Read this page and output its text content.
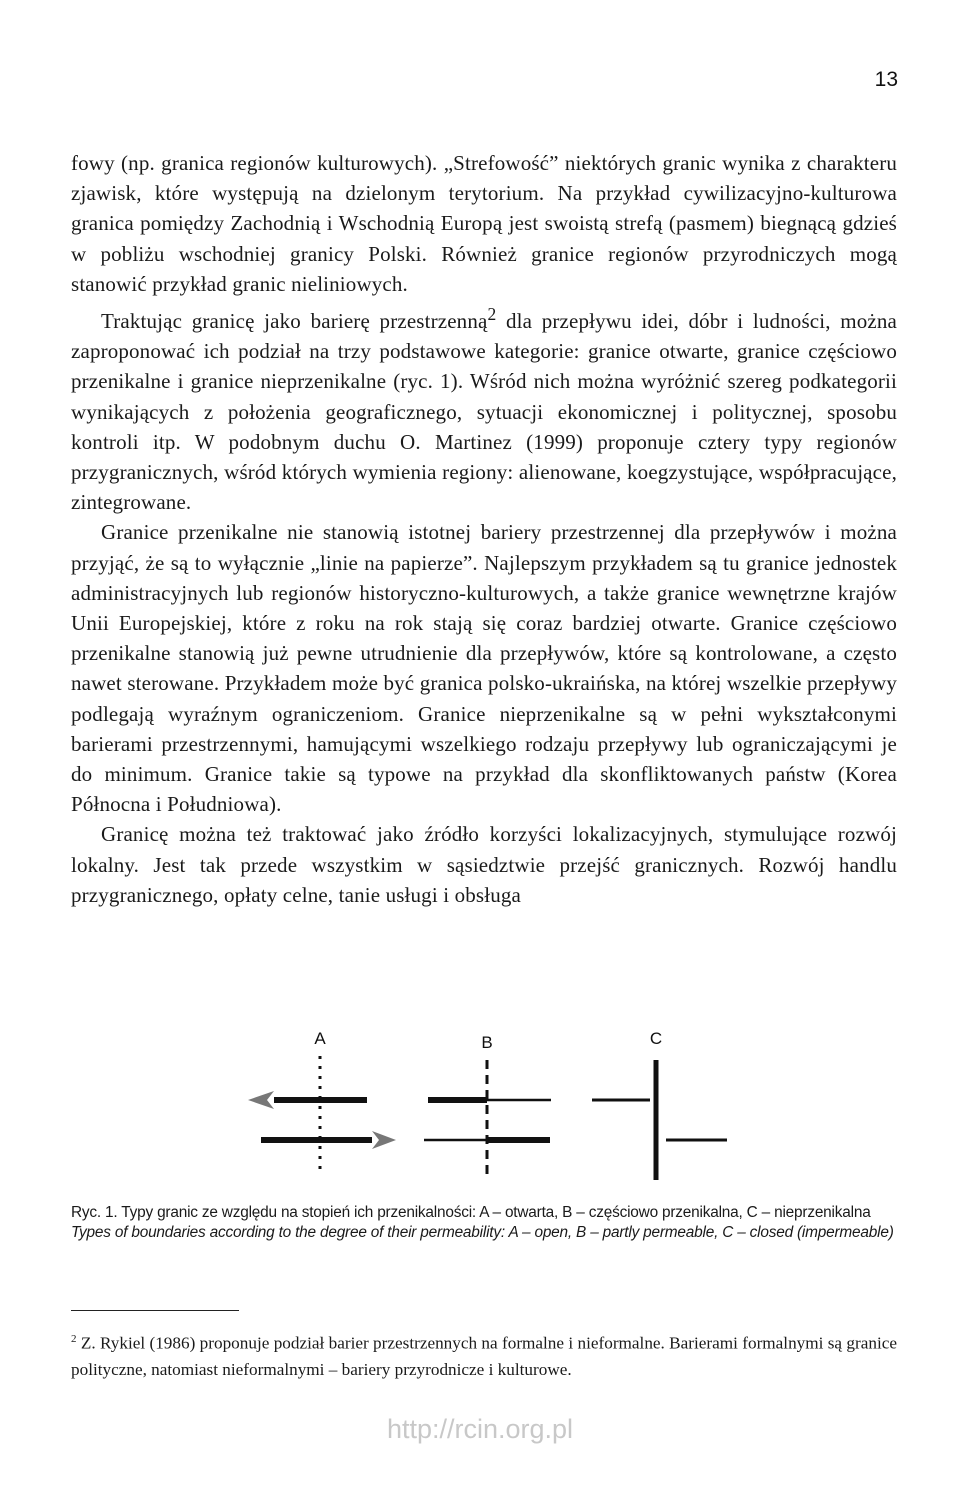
13

fowy (np. granica regionów kulturowych). „Strefowość” niektórych granic wynika z charakteru zjawisk, które występują na dzielonym terytorium. Na przykład cywilizacyjno-kulturowa granica pomiędzy Zachodnią i Wschodnią Europą jest swoistą strefą (pasmem) biegnącą gdzieś w pobliżu wschodniej granicy Polski. Również granice regionów przyrodniczych mogą stanowić przykład granic nieliniowych.

Traktując granicę jako barierę przestrzenną$^2$ dla przepływu idei, dóbr i ludności, można zaproponować ich podział na trzy podstawowe kategorie: granice otwarte, granice częściowo przenikalne i granice nieprzenikalne (ryc. 1). Wśród nich można wyróżnić szereg podkategorii wynikających z położenia geograficznego, sytuacji ekonomicznej i politycznej, sposobu kontroli itp. W podobnym duchu O. Martinez (1999) proponuje cztery typy regionów przygranicznych, wśród których wymienia regiony: alienowane, koegzystujące, współpracujące, zintegrowane.

Granice przenikalne nie stanowią istotnej bariery przestrzennej dla przepływów i można przyjąć, że są to wyłącznie „linie na papierze”. Najlepszym przykładem są tu granice jednostek administracyjnych lub regionów historyczno-kulturowych, a także granice wewnętrzne krajów Unii Europejskiej, które z roku na rok stają się coraz bardziej otwarte. Granice częściowo przenikalne stanowią już pewne utrudnienie dla przepływów, które są kontrolowane, a często nawet sterowane. Przykładem może być granica polsko-ukraińska, na której wszelkie przepływy podlegają wyraźnym ograniczeniom. Granice nieprzenikalne są w pełni wykształconymi barierami przestrzennymi, hamującymi wszelkiego rodzaju przepływy lub ograniczającymi je do minimum. Granice takie są typowe na przykład dla skonfliktowanych państw (Korea Północna i Południowa).

Granicę można też traktować jako źródło korzyści lokalizacyjnych, stymulujące rozwój lokalny. Jest tak przede wszystkim w sąsiedztwie przejść granicznych. Rozwój handlu przygranicznego, opłaty celne, tanie usługi i obsługa

A	B	C

Ryc. 1. Typy granic ze względu na stopień ich przenikalności: A – otwarta, B – częściowo przenikalna, C – nieprzenikalna

Types of boundaries according to the degree of their permeability: A – open, B – partly permeable, C – closed (impermeable)

$^2$ Z. Rykiel (1986) proponuje podział barier przestrzennych na formalne i nieformalne. Barierami formalnymi są granice polityczne, natomiast nieformalnymi – bariery przyrodnicze i kulturowe.
http://rcin.org.pl
